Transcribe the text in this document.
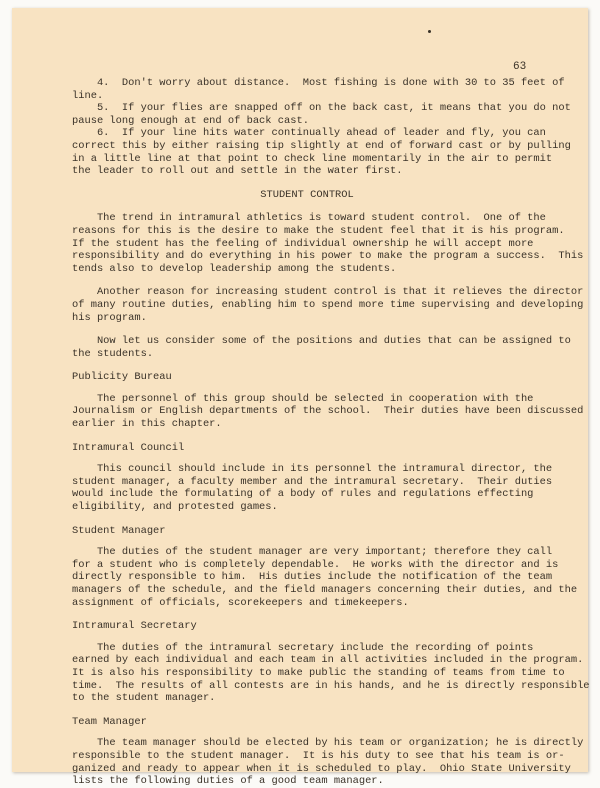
63

4.  Don't worry about distance.  Most fishing is done with 30 to 35 feet of

line.

5.  If your flies are snapped off on the back cast, it means that you do not

pause long enough at end of back cast.

6.  If your line hits water continually ahead of leader and fly, you can

correct this by either raising tip slightly at end of forward cast or by pulling

in a little line at that point to check line momentarily in the air to permit

the leader to roll out and settle in the water first.

STUDENT CONTROL

The trend in intramural athletics is toward student control.  One of the

reasons for this is the desire to make the student feel that it is his program.

If the student has the feeling of individual ownership he will accept more

responsibility and do everything in his power to make the program a success.  This

tends also to develop leadership among the students.

Another reason for increasing student control is that it relieves the director

of many routine duties, enabling him to spend more time supervising and developing

his program.

Now let us consider some of the positions and duties that can be assigned to

the students.

Publicity Bureau

The personnel of this group should be selected in cooperation with the

Journalism or English departments of the school.  Their duties have been discussed

earlier in this chapter.

Intramural Council

This council should include in its personnel the intramural director, the

student manager, a faculty member and the intramural secretary.  Their duties

would include the formulating of a body of rules and regulations effecting

eligibility, and protested games.

Student Manager

The duties of the student manager are very important; therefore they call

for a student who is completely dependable.  He works with the director and is

directly responsible to him.  His duties include the notification of the team

managers of the schedule, and the field managers concerning their duties, and the

assignment of officials, scorekeepers and timekeepers.

Intramural Secretary

The duties of the intramural secretary include the recording of points

earned by each individual and each team in all activities included in the program.

It is also his responsibility to make public the standing of teams from time to

time.  The results of all contests are in his hands, and he is directly responsible

to the student manager.

Team Manager

The team manager should be elected by his team or organization; he is directly

responsible to the student manager.  It is his duty to see that his team is or-

ganized and ready to appear when it is scheduled to play.  Ohio State University

lists the following duties of a good team manager.
